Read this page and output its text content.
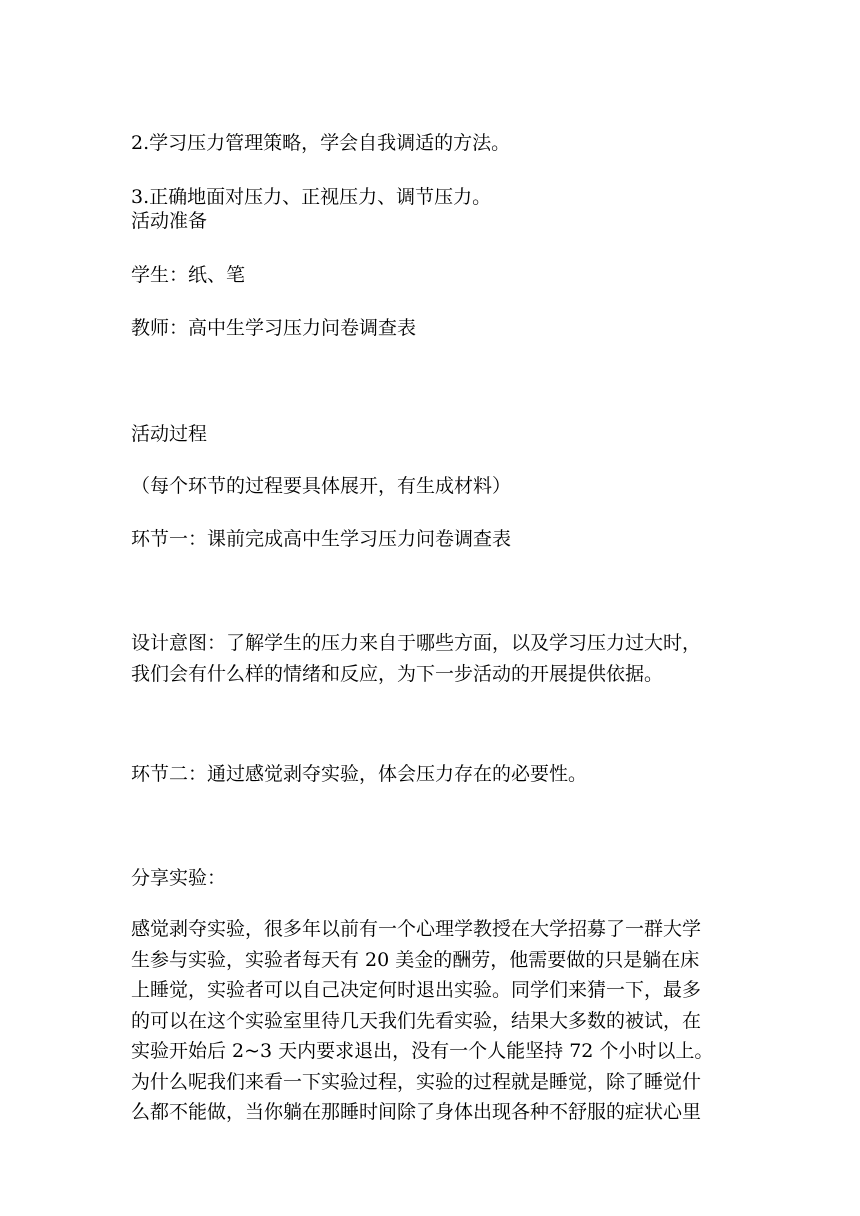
2.学习压力管理策略，学会自我调适的方法。
3.正确地面对压力、正视压力、调节压力。
活动准备
学生：纸、笔
教师：高中生学习压力问卷调查表
活动过程
（每个环节的过程要具体展开，有生成材料）
环节一：课前完成高中生学习压力问卷调查表
设计意图：了解学生的压力来自于哪些方面，以及学习压力过大时，
我们会有什么样的情绪和反应，为下一步活动的开展提供依据。
环节二：通过感觉剥夺实验，体会压力存在的必要性。
分享实验：
感觉剥夺实验，很多年以前有一个心理学教授在大学招募了一群大学
生参与实验，实验者每天有 20 美金的酬劳，他需要做的只是躺在床
上睡觉，实验者可以自己决定何时退出实验。同学们来猜一下，最多
的可以在这个实验室里待几天我们先看实验，结果大多数的被试，在
实验开始后 2~3 天内要求退出，没有一个人能坚持 72 个小时以上。
为什么呢我们来看一下实验过程，实验的过程就是睡觉，除了睡觉什
么都不能做，当你躺在那睡时间除了身体出现各种不舒服的症状心里
